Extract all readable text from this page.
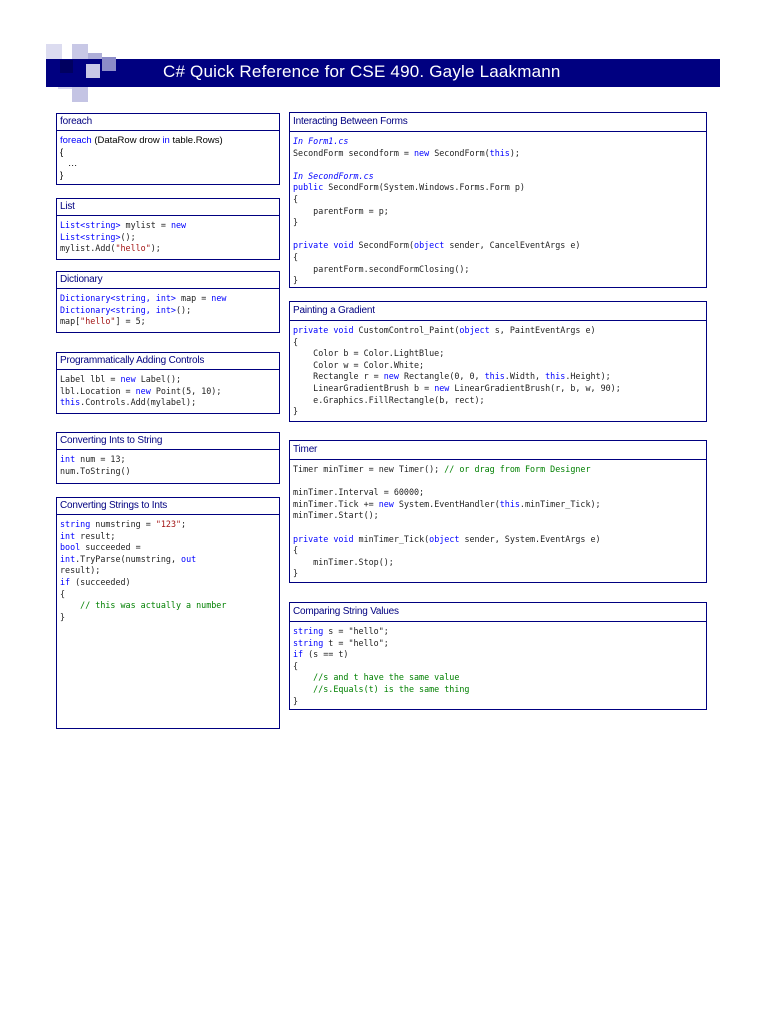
C# Quick Reference for CSE 490. Gayle Laakmann
foreach
foreach (DataRow drow in table.Rows)
{
…
}
List
List<string> mylist = new
List<string>();
mylist.Add("hello");
Dictionary
Dictionary<string, int> map = new
Dictionary<string, int>();
map["hello"] = 5;
Programmatically Adding Controls
Label lbl = new Label();
lbl.Location = new Point(5, 10);
this.Controls.Add(mylabel);
Converting Ints to String
int num = 13;
num.ToString()
Converting Strings to Ints
string numstring = "123";
int result;
bool succeeded =
int.TryParse(numstring, out
result);
if (succeeded)
{
// this was actually a number
}
Interacting Between Forms
In Form1.cs
SecondForm secondform = new SecondForm(this);
In SecondForm.cs
public SecondForm(System.Windows.Forms.Form p)
{
parentForm = p;
}
private void SecondForm(object sender, CancelEventArgs e)
{
parentForm.secondFormClosing();
}
Painting a Gradient
private void CustomControl_Paint(object s, PaintEventArgs e)
{
Color b = Color.LightBlue;
Color w = Color.White;
Rectangle r = new Rectangle(0, 0, this.Width, this.Height);
LinearGradientBrush b = new LinearGradientBrush(r, b, w, 90);
e.Graphics.FillRectangle(b, rect);
}
Timer
Timer minTimer = new Timer(); // or drag from Form Designer
minTimer.Interval = 60000;
minTimer.Tick += new System.EventHandler(this.minTimer_Tick);
minTimer.Start();
private void minTimer_Tick(object sender, System.EventArgs e)
{
minTimer.Stop();
}
Comparing String Values
string s = "hello";
string t = "hello";
if (s == t)
{
//s and t have the same value
//s.Equals(t) is the same thing
}
